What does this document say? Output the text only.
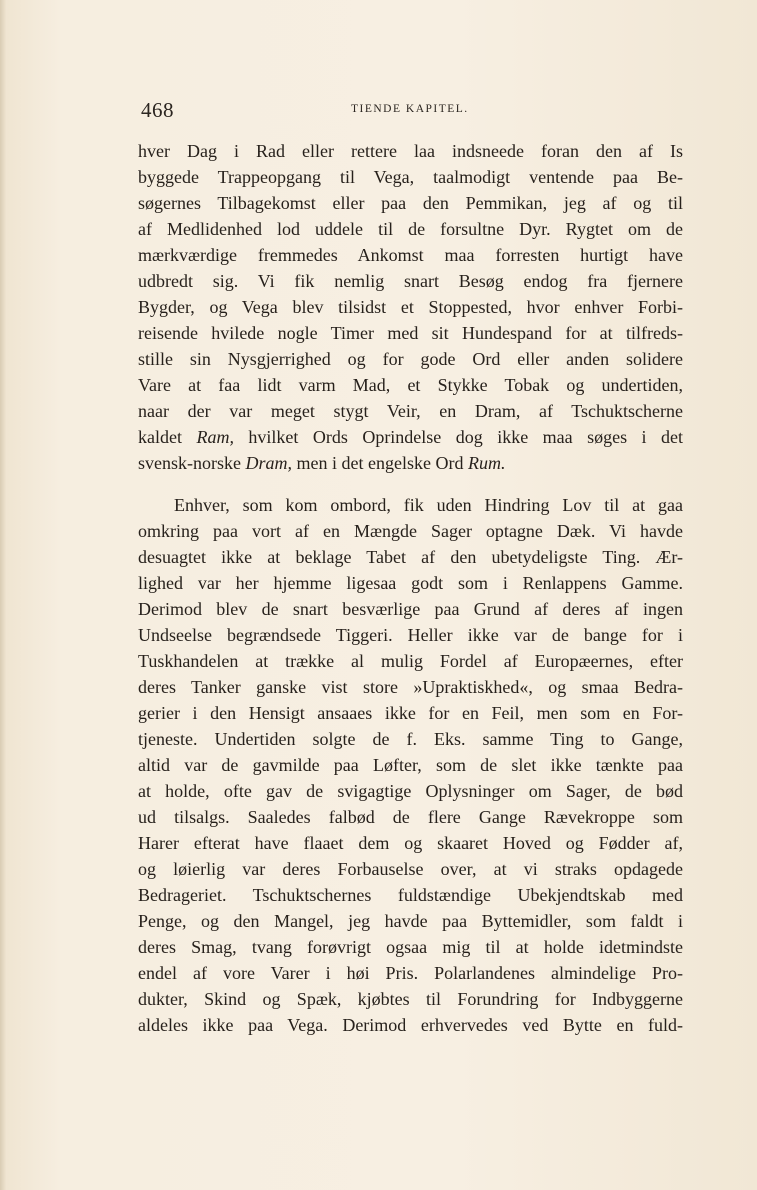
468	TIENDE KAPITEL.
hver Dag i Rad eller rettere laa indsneede foran den af Is
byggede Trappeopgang til Vega, taalmodigt ventende paa Be-
søgernes Tilbagekomst eller paa den Pemmikan, jeg af og til
af Medlidenhed lod uddele til de forsultne Dyr. Rygtet om de
mærkværdige fremmedes Ankomst maa forresten hurtigt have
udbredt sig. Vi fik nemlig snart Besøg endog fra fjernere
Bygder, og Vega blev tilsidst et Stoppested, hvor enhver Forbi-
reisende hvilede nogle Timer med sit Hundespand for at tilfreds-
stille sin Nysgjerrighed og for gode Ord eller anden solidere
Vare at faa lidt varm Mad, et Stykke Tobak og undertiden,
naar der var meget stygt Veir, en Dram, af Tschuktscherne
kaldet Ram, hvilket Ords Oprindelse dog ikke maa søges i det
svensk-norske Dram, men i det engelske Ord Rum.
Enhver, som kom ombord, fik uden Hindring Lov til at gaa
omkring paa vort af en Mængde Sager optagne Dæk. Vi havde
desuagtet ikke at beklage Tabet af den ubetydeligste Ting. Ær-
lighed var her hjemme ligesaa godt som i Renlappens Gamme.
Derimod blev de snart besværlige paa Grund af deres af ingen
Undseelse begrændsede Tiggeri. Heller ikke var de bange for i
Tuskhandelen at trække al mulig Fordel af Europæernes, efter
deres Tanker ganske vist store »Upraktiskhed«, og smaa Bedra-
gerier i den Hensigt ansaaes ikke for en Feil, men som en For-
tjeneste. Undertiden solgte de f. Eks. samme Ting to Gange,
altid var de gavmilde paa Løfter, som de slet ikke tænkte paa
at holde, ofte gav de svigagtige Oplysninger om Sager, de bød
ud tilsalgs. Saaledes falbød de flere Gange Rævekroppe som
Harer efterat have flaaet dem og skaaret Hoved og Fødder af,
og løierlig var deres Forbauselse over, at vi straks opdagede
Bedrageriet. Tschuktschernes fuldstændige Ubekjendtskab med
Penge, og den Mangel, jeg havde paa Byttemidler, som faldt i
deres Smag, tvang forøvrigt ogsaa mig til at holde idetmindste
endel af vore Varer i høi Pris. Polarlandenes almindelige Pro-
dukter, Skind og Spæk, kjøbtes til Forundring for Indbyggerne
aldeles ikke paa Vega. Derimod erhvervedes ved Bytte en fuld-
